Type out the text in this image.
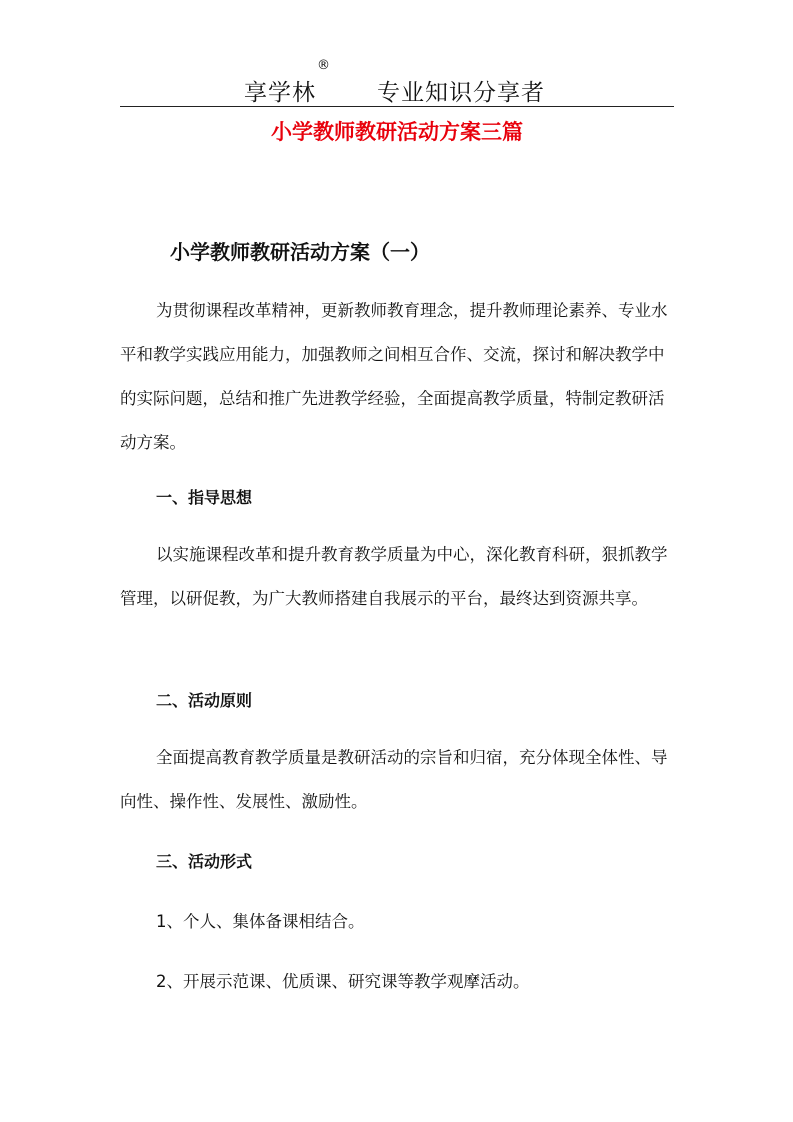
享学林
®
专业知识分享者
小学教师教研活动方案三篇
小学教师教研活动方案（一）
为贯彻课程改革精神，更新教师教育理念，提升教师理论素养、专业水平和教学实践应用能力，加强教师之间相互合作、交流，探讨和解决教学中的实际问题，总结和推广先进教学经验，全面提高教学质量，特制定教研活动方案。
一、指导思想
以实施课程改革和提升教育教学质量为中心，深化教育科研，狠抓教学管理，以研促教，为广大教师搭建自我展示的平台，最终达到资源共享。
二、活动原则
全面提高教育教学质量是教研活动的宗旨和归宿，充分体现全体性、导向性、操作性、发展性、激励性。
三、活动形式
1、个人、集体备课相结合。
2、开展示范课、优质课、研究课等教学观摩活动。
